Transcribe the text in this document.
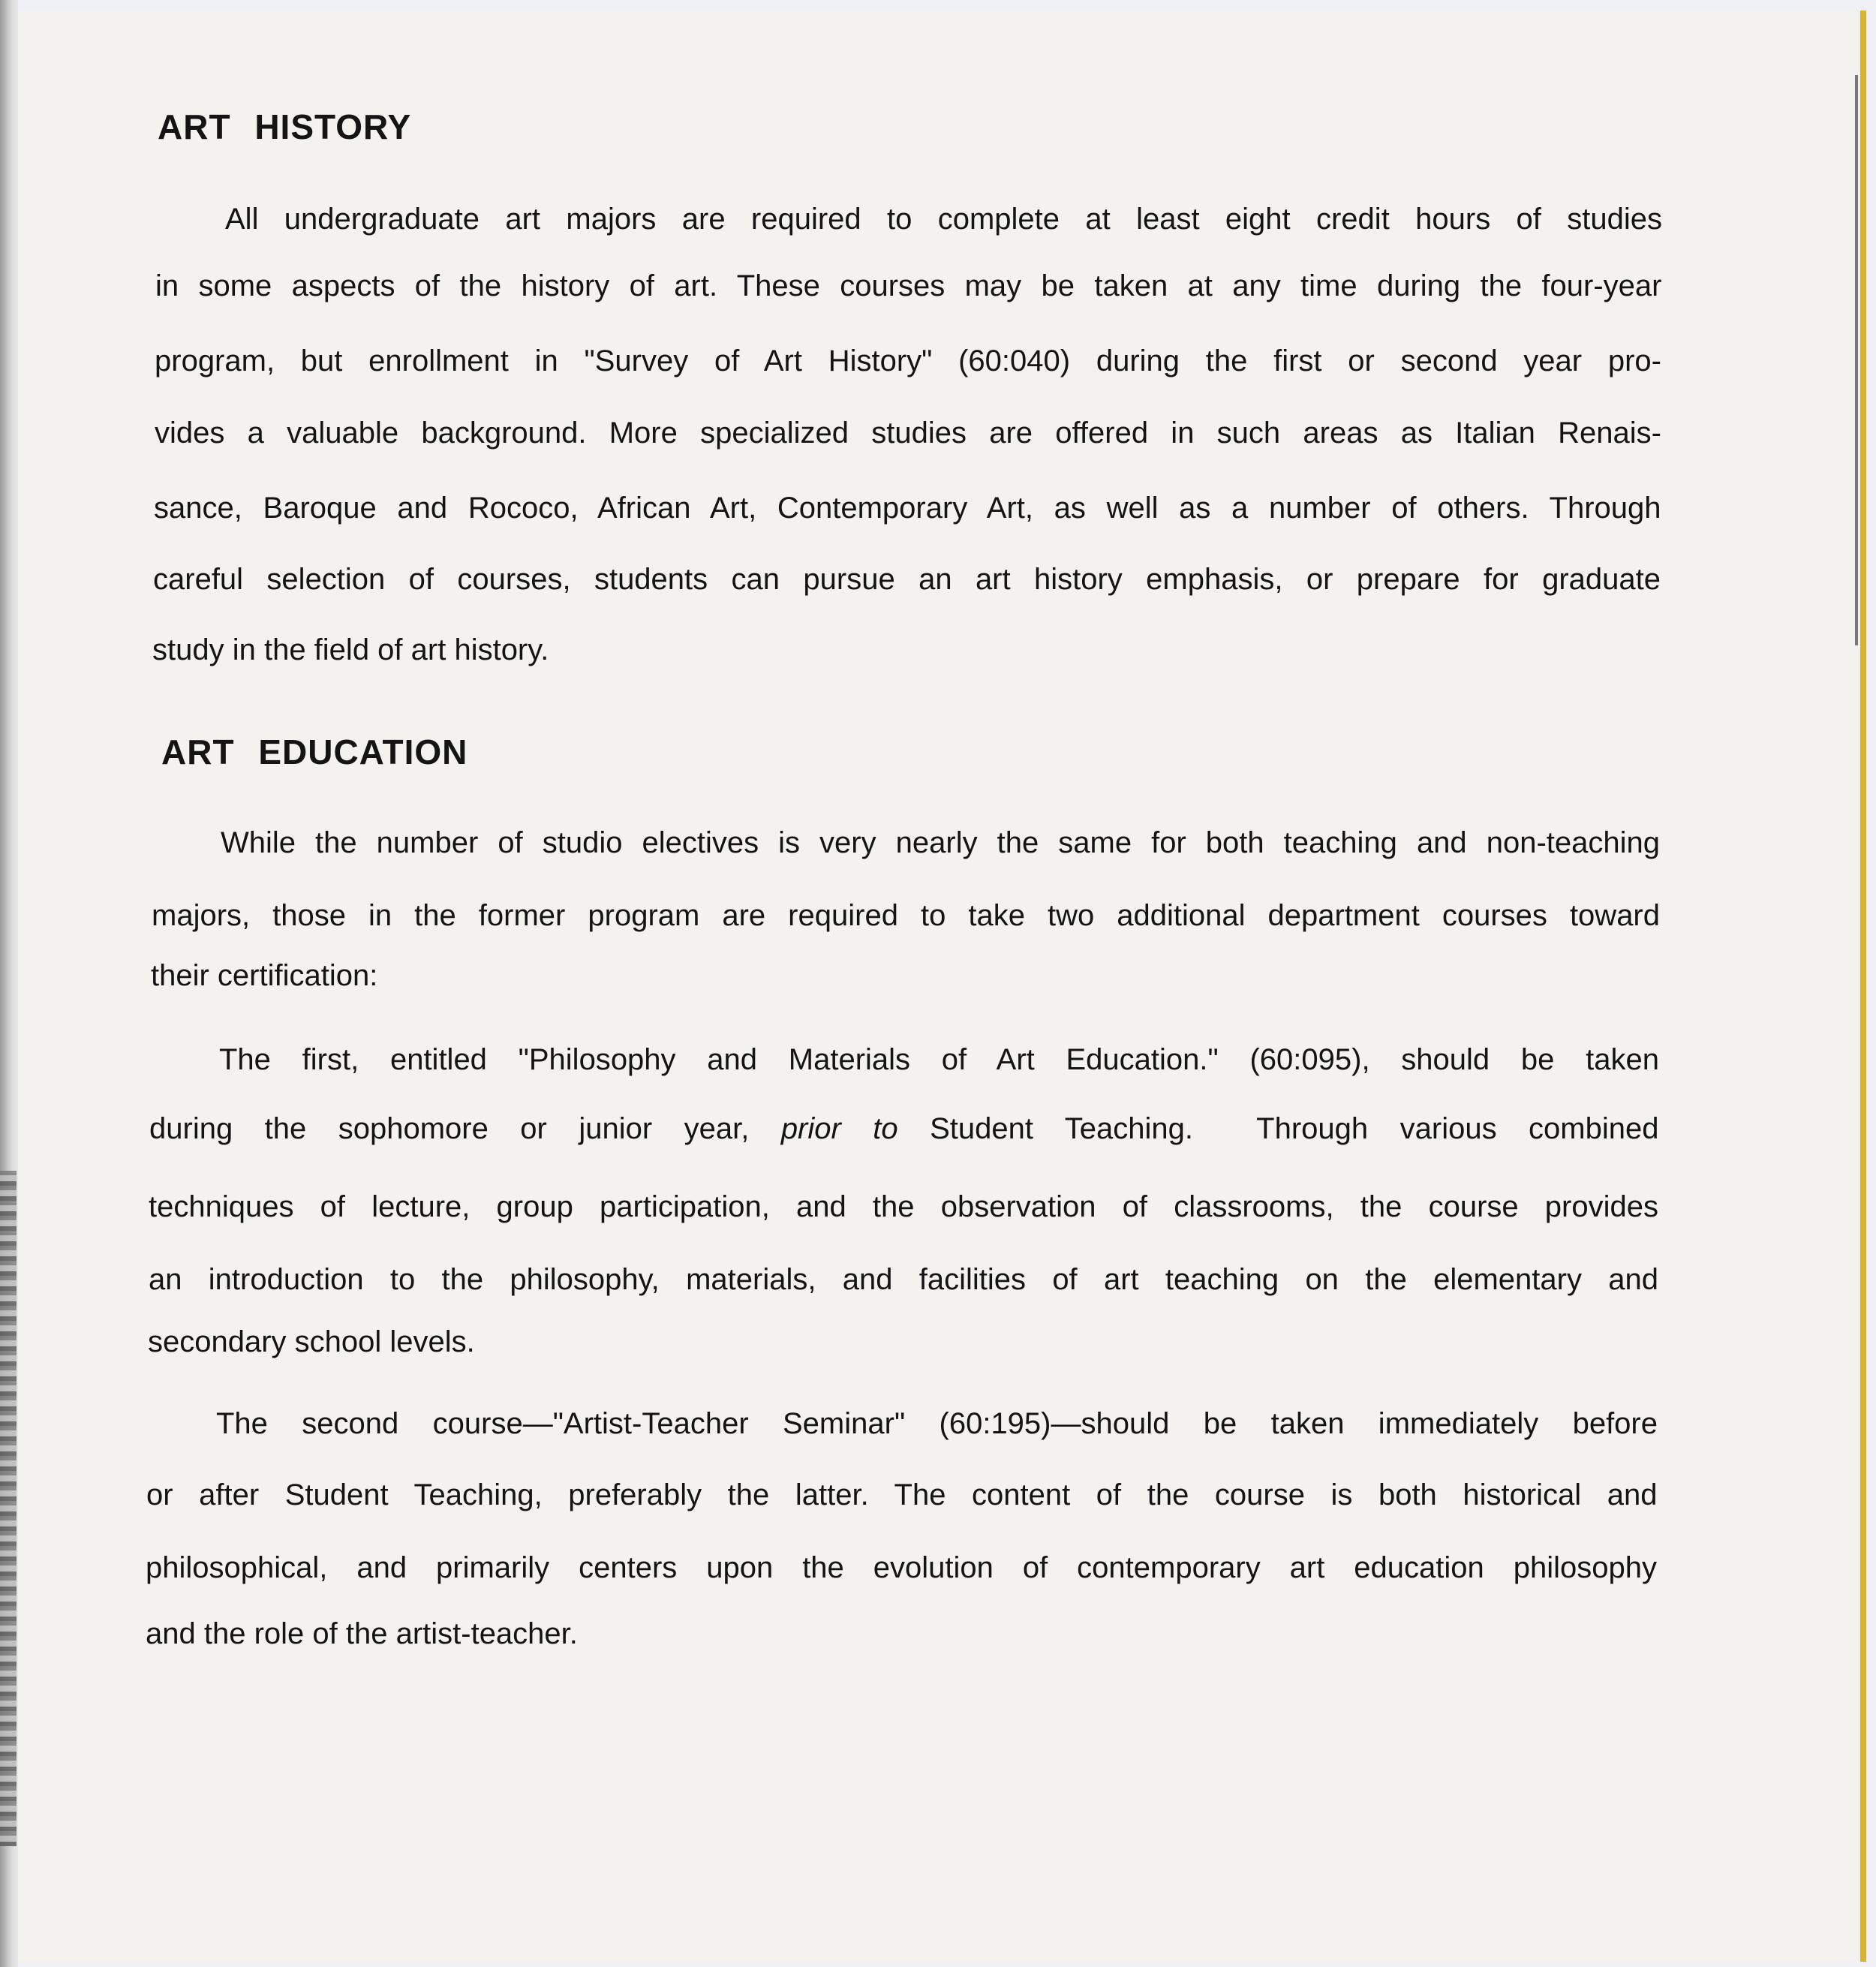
ART HISTORY
All undergraduate art majors are required to complete at least eight credit hours of studies
in some aspects of the history of art. These courses may be taken at any time during the four-year
program, but enrollment in "Survey of Art History" (60:040) during the first or second year pro-
vides a valuable background. More specialized studies are offered in such areas as Italian Renais-
sance, Baroque and Rococo, African Art, Contemporary Art, as well as a number of others. Through
careful selection of courses, students can pursue an art history emphasis, or prepare for graduate
study in the field of art history.
ART EDUCATION
While the number of studio electives is very nearly the same for both teaching and non-teaching
majors, those in the former program are required to take two additional department courses toward
their certification:
The first, entitled "Philosophy and Materials of Art Education." (60:095), should be taken
during the sophomore or junior year, prior to Student Teaching.  Through various combined
techniques of lecture, group participation, and the observation of classrooms, the course provides
an introduction to the philosophy, materials, and facilities of art teaching on the elementary and
secondary school levels.
The second course—"Artist-Teacher Seminar" (60:195)—should be taken immediately before
or after Student Teaching, preferably the latter. The content of the course is both historical and
philosophical, and primarily centers upon the evolution of contemporary art education philosophy
and the role of the artist-teacher.
